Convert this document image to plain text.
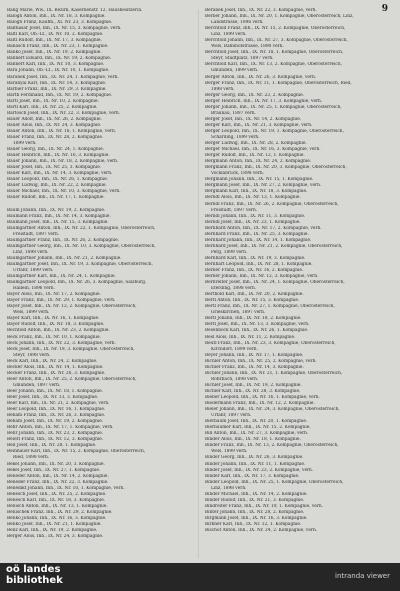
9
Ballg Marie, Ww., IX. Bezirk, Kasernenstr. 12, Hausbesitzerin.
Balogh Anton, Inh., IX. Nr. 18, 3. Kompagnie.
Balogh Franz, Kaufm., XI. Nr. 23, 3. Kompagnie.
Balthasar Josef, Inh., IX. Nr. 15, 3. Kompagnie, verh.
Baltl Karl, Ob.-Lt., IX. Nr. 10, 2. Kompagnie.
Baltl Rudolf, Inh., IX. Nr. 17, 3. Kompagnie.
Banasch Franz, Inh., IX. Nr. 23, 1. Kompagnie.
Banko Josef, Inh., IX. Nr. 19, 2. Kompagnie.
Bannert Eduard, Inh., IX. Nr. 19, 2. Kompagnie.
Bannert Karl, Inh., IX. Nr. 10, 3. Kompagnie.
Bara Johann, Ob.-Lt., IX. Nr. 10, 1. Kompagnie.
Baranek Josef, Inh., IX. Nr. 24, 1. Kompagnie, verh.
Baranyai Karl, Inh., IX. Nr. 14, 3. Kompagnie.
Barbier Franz, Inh., IX. Nr. 29, 3. Kompagnie.
Barth Ferdinand, Inh., IX. Nr. 19, 2. Kompagnie.
Bartl Josef, Inh., IX. Nr. 10, 2. Kompagnie.
Bartl Karl, Inh., IX. Nr. 25, 2. Kompagnie.
Bartosch Josef, Inh., IX. Nr. 22, 3. Kompagnie, verh.
Bauer Adolf, Inh., IX. Nr. 26, 2. Kompagnie.
Bauer Alois, Inh., IX. Nr. 24, 3. Kompagnie.
Bauer Anton, Inh., IX. Nr. 18, 1. Kompagnie, verh.
Bauer Franz, Inh., IX. Nr. 28, 2. Kompagnie.
1899 verh.
Bauer Georg, Inh., IX. Nr. 24, 1. Kompagnie.
Bauer Heinrich, Inh., IX. Nr. 16, 3. Kompagnie.
Bauer Johann, Inh., IX. Nr. 18, 2. Kompagnie, verh.
Bauer Josef, Inh., IX. Nr. 25, 3. Kompagnie.
Bauer Karl, Inh., IX. Nr. 14, 3. Kompagnie, verh.
Bauer Leopold, Inh., IX. Nr. 26, 1. Kompagnie.
Bauer Ludwig, Inh., IX. Nr. 22, 2. Kompagnie.
Bauer Michael, Inh., IX. Nr. 10, 3. Kompagnie, verh.
Bauer Rudolf, Inh., IX. Nr. 17, 1. Kompagnie.
Baum Johann, Inh., IX. Nr. 19, 2. Kompagnie.
Baumann Franz, Inh., IX. Nr. 14, 3. Kompagnie.
Baumann Josef, Inh., IX. Nr. 15, 3. Kompagnie.
Baumgartner Anton, Inh., IX. Nr. 22, 1. Kompagnie, Oberösterreich,
Freistadt, 1897 verh.
Baumgartner Franz, Inh., IX. Nr. 26, 2. Kompagnie.
Baumgartner Georg, Inh., IX. Nr. 10, 3. Kompagnie, Oberösterreich,
Linz, 1898 verh.
Baumgartner Johann, Inh., IX. Nr. 21, 2. Kompagnie.
Baumgartner Josef, Inh., IX. Nr. 19, 3. Kompagnie, Oberösterreich,
Urfahr, 1899 verh.
Baumgartner Karl, Inh., IX. Nr. 24, 1. Kompagnie.
Baumgartner Leopold, Inh., IX. Nr. 26, 3. Kompagnie, Salzburg,
Hallein, 1896 verh.
Bayer Alois, Inh., IX. Nr. 17, 2. Kompagnie.
Bayer Franz, Inh., IX. Nr. 29, 1. Kompagnie, verh.
Bayer Josef, Inh., IX. Nr. 12, 2. Kompagnie, Oberösterreich,
Wels, 1899 verh.
Bayer Karl, Inh., IX. Nr. 16, 1. Kompagnie.
Bayer Rudolf, Inh., IX. Nr. 18, 3. Kompagnie.
Bechtold Anton, Inh., IX. Nr. 23, 2. Kompagnie.
Beck Franz, Inh., IX. Nr. 10, 1. Kompagnie.
Beck Johann, Inh., IX. Nr. 22, 3. Kompagnie, verh.
Beck Josef, Inh., IX. Nr. 19, 3. Kompagnie, Oberösterreich,
Steyr, 1898 verh.
Beck Karl, Inh., IX. Nr. 24, 2. Kompagnie.
Becker Alois, Inh., IX. Nr. 14, 1. Kompagnie.
Becker Franz, Inh., IX. Nr. 20, 3. Kompagnie.
Beer Anton, Inh., IX. Nr. 25, 2. Kompagnie, Oberösterreich,
Gmunden, 1897 verh.
Beer Johann, Inh., IX. Nr. 18, 1. Kompagnie.
Beer Josef, Inh., IX. Nr. 13, 3. Kompagnie.
Beer Karl, Inh., IX. Nr. 21, 2. Kompagnie, verh.
Beer Leopold, Inh., IX. Nr. 16, 1. Kompagnie.
Beham Franz, Inh., IX. Nr. 26, 3. Kompagnie.
Beham Josef, Inh., IX. Nr. 19, 2. Kompagnie.
Behr Anton, Inh., IX. Nr. 17, 1. Kompagnie, verh.
Behr Johann, Inh., IX. Nr. 23, 2. Kompagnie.
Beierl Franz, Inh., IX. Nr. 12, 3. Kompagnie.
Beil Josef, Inh., IX. Nr. 28, 1. Kompagnie.
Beinhauer Karl, Inh., IX. Nr. 15, 2. Kompagnie, Oberösterreich,
Ried, 1898 verh.
Bekel Johann, Inh., IX. Nr. 20, 3. Kompagnie.
Bekel Josef, Inh., IX. Nr. 27, 1. Kompagnie.
Beneder Anton, Inh., IX. Nr. 14, 2. Kompagnie.
Beneder Franz, Inh., IX. Nr. 22, 3. Kompagnie.
Benedikt Johann, Inh., IX. Nr. 10, 1. Kompagnie, verh.
Benesch Josef, Inh., IX. Nr. 25, 2. Kompagnie.
Benesch Karl, Inh., IX. Nr. 18, 3. Kompagnie.
Benisch Anton, Inh., IX. Nr. 13, 1. Kompagnie.
Benischek Franz, Inh., IX. Nr. 29, 2. Kompagnie.
Benko Johann, Inh., IX. Nr. 16, 3. Kompagnie.
Benkö Josef, Inh., IX. Nr. 21, 1. Kompagnie.
Benz Karl, Inh., IX. Nr. 19, 2. Kompagnie.
Berger Alois, Inh., IX. Nr. 24, 3. Kompagnie.
Beranek Josef, Inh., IX. Nr. 22, 3. Kompagnie, verh.
Berber Johann, Inh., IX. Nr. 20, 1. Kompagnie, Oberösterreich, Linz,
Landstrasse, 1896 verh.
Berchtold Franz, Inh., IX. Nr. 15, 2. Kompagnie, Oberösterreich,
Linz, 1899 verh.
Berchtold Johann, Inh., IX. Nr. 27, 3. Kompagnie, Oberösterreich,
Wels, Bahnhofstrasse, 1898 verh.
Berchtold Josef, Inh., IX. Nr. 18, 1. Kompagnie, Oberösterreich,
Steyr, Stadtplatz, 1897 verh.
Berchtold Karl, Inh., IX. Nr. 13, 2. Kompagnie, Oberösterreich,
Gmunden, 1899 verh.
Berger Anton, Inh., IX. Nr. 26, 3. Kompagnie, verh.
Berger Franz, Inh., IX. Nr. 11, 1. Kompagnie, Oberösterreich, Ried,
1898 verh.
Berger Georg, Inh., IX. Nr. 23, 2. Kompagnie.
Berger Heinrich, Inh., IX. Nr. 17, 3. Kompagnie, verh.
Berger Johann, Inh., IX. Nr. 25, 1. Kompagnie, Oberösterreich,
Braunau, 1897 verh.
Berger Josef, Inh., IX. Nr. 14, 2. Kompagnie.
Berger Karl, Inh., IX. Nr. 21, 3. Kompagnie, verh.
Berger Leopold, Inh., IX. Nr. 19, 1. Kompagnie, Oberösterreich,
Schärding, 1899 verh.
Berger Ludwig, Inh., IX. Nr. 28, 2. Kompagnie.
Berger Michael, Inh., IX. Nr. 16, 3. Kompagnie, verh.
Berger Rudolf, Inh., IX. Nr. 12, 1. Kompagnie.
Bergmann Anton, Inh., IX. Nr. 24, 2. Kompagnie.
Bergmann Franz, Inh., IX. Nr. 20, 3. Kompagnie, Oberösterreich,
Vöcklabruck, 1898 verh.
Bergmann Johann, Inh., IX. Nr. 15, 1. Kompagnie.
Bergmann Josef, Inh., IX. Nr. 27, 2. Kompagnie, verh.
Bergmann Karl, Inh., IX. Nr. 18, 3. Kompagnie.
Berndl Alois, Inh., IX. Nr. 13, 1. Kompagnie.
Berndl Franz, Inh., IX. Nr. 26, 2. Kompagnie, Oberösterreich,
Freistadt, 1897 verh.
Berndl Johann, Inh., IX. Nr. 11, 3. Kompagnie.
Berndl Josef, Inh., IX. Nr. 23, 1. Kompagnie.
Bernhard Anton, Inh., IX. Nr. 17, 2. Kompagnie, verh.
Bernhard Franz, Inh., IX. Nr. 25, 3. Kompagnie.
Bernhard Johann, Inh., IX. Nr. 14, 1. Kompagnie.
Bernhard Josef, Inh., IX. Nr. 21, 2. Kompagnie, Oberösterreich,
Perg, 1899 verh.
Bernhard Karl, Inh., IX. Nr. 19, 3. Kompagnie.
Bernhart Leopold, Inh., IX. Nr. 28, 1. Kompagnie.
Berner Franz, Inh., IX. Nr. 16, 2. Kompagnie.
Berner Johann, Inh., IX. Nr. 12, 3. Kompagnie, verh.
Bernreiter Josef, Inh., IX. Nr. 24, 1. Kompagnie, Oberösterreich,
Eferding, 1898 verh.
Berthold Karl, Inh., IX. Nr. 20, 2. Kompagnie.
Bertl Anton, Inh., IX. Nr. 15, 3. Kompagnie.
Bertl Franz, Inh., IX. Nr. 27, 1. Kompagnie, Oberösterreich,
Grieskirchen, 1897 verh.
Bertl Johann, Inh., IX. Nr. 18, 2. Kompagnie.
Bertl Josef, Inh., IX. Nr. 13, 3. Kompagnie, verh.
Besenböck Karl, Inh., IX. Nr. 26, 1. Kompagnie.
Besl Alois, Inh., IX. Nr. 11, 2. Kompagnie.
Beutl Franz, Inh., IX. Nr. 23, 3. Kompagnie, Oberösterreich,
Kirchdorf, 1899 verh.
Beyer Johann, Inh., IX. Nr. 17, 1. Kompagnie.
Bichler Anton, Inh., IX. Nr. 25, 2. Kompagnie, verh.
Bichler Franz, Inh., IX. Nr. 14, 3. Kompagnie.
Bichler Johann, Inh., IX. Nr. 21, 1. Kompagnie, Oberösterreich,
Rohrbach, 1898 verh.
Bichler Josef, Inh., IX. Nr. 19, 2. Kompagnie.
Bichler Karl, Inh., IX. Nr. 28, 3. Kompagnie.
Bieber Leopold, Inh., IX. Nr. 16, 1. Kompagnie, verh.
Biedermann Franz, Inh., IX. Nr. 12, 2. Kompagnie.
Bieler Johann, Inh., IX. Nr. 24, 3. Kompagnie, Oberösterreich,
Urfahr, 1897 verh.
Bierbaum Josef, Inh., IX. Nr. 20, 1. Kompagnie.
Bierbaumer Karl, Inh., IX. Nr. 15, 2. Kompagnie.
Bill Anton, Inh., IX. Nr. 27, 3. Kompagnie, verh.
Binder Alois, Inh., IX. Nr. 18, 1. Kompagnie.
Binder Franz, Inh., IX. Nr. 13, 2. Kompagnie, Oberösterreich,
Wels, 1899 verh.
Binder Georg, Inh., IX. Nr. 26, 3. Kompagnie.
Binder Johann, Inh., IX. Nr. 11, 1. Kompagnie.
Binder Josef, Inh., IX. Nr. 23, 2. Kompagnie, verh.
Binder Karl, Inh., IX. Nr. 17, 3. Kompagnie.
Binder Leopold, Inh., IX. Nr. 25, 1. Kompagnie, Oberösterreich,
Linz, 1898 verh.
Binder Michael, Inh., IX. Nr. 14, 2. Kompagnie.
Binder Rudolf, Inh., IX. Nr. 21, 3. Kompagnie.
Bindreiter Franz, Inh., IX. Nr. 19, 1. Kompagnie, verh.
Binter Johann, Inh., IX. Nr. 28, 2. Kompagnie.
Birgmann Josef, Inh., IX. Nr. 16, 3. Kompagnie.
Birkner Karl, Inh., IX. Nr. 12, 1. Kompagnie.
Bischof Anton, Inh., IX. Nr. 24, 2. Kompagnie, verh.
oö landes
bibliothek	intranda viewer
